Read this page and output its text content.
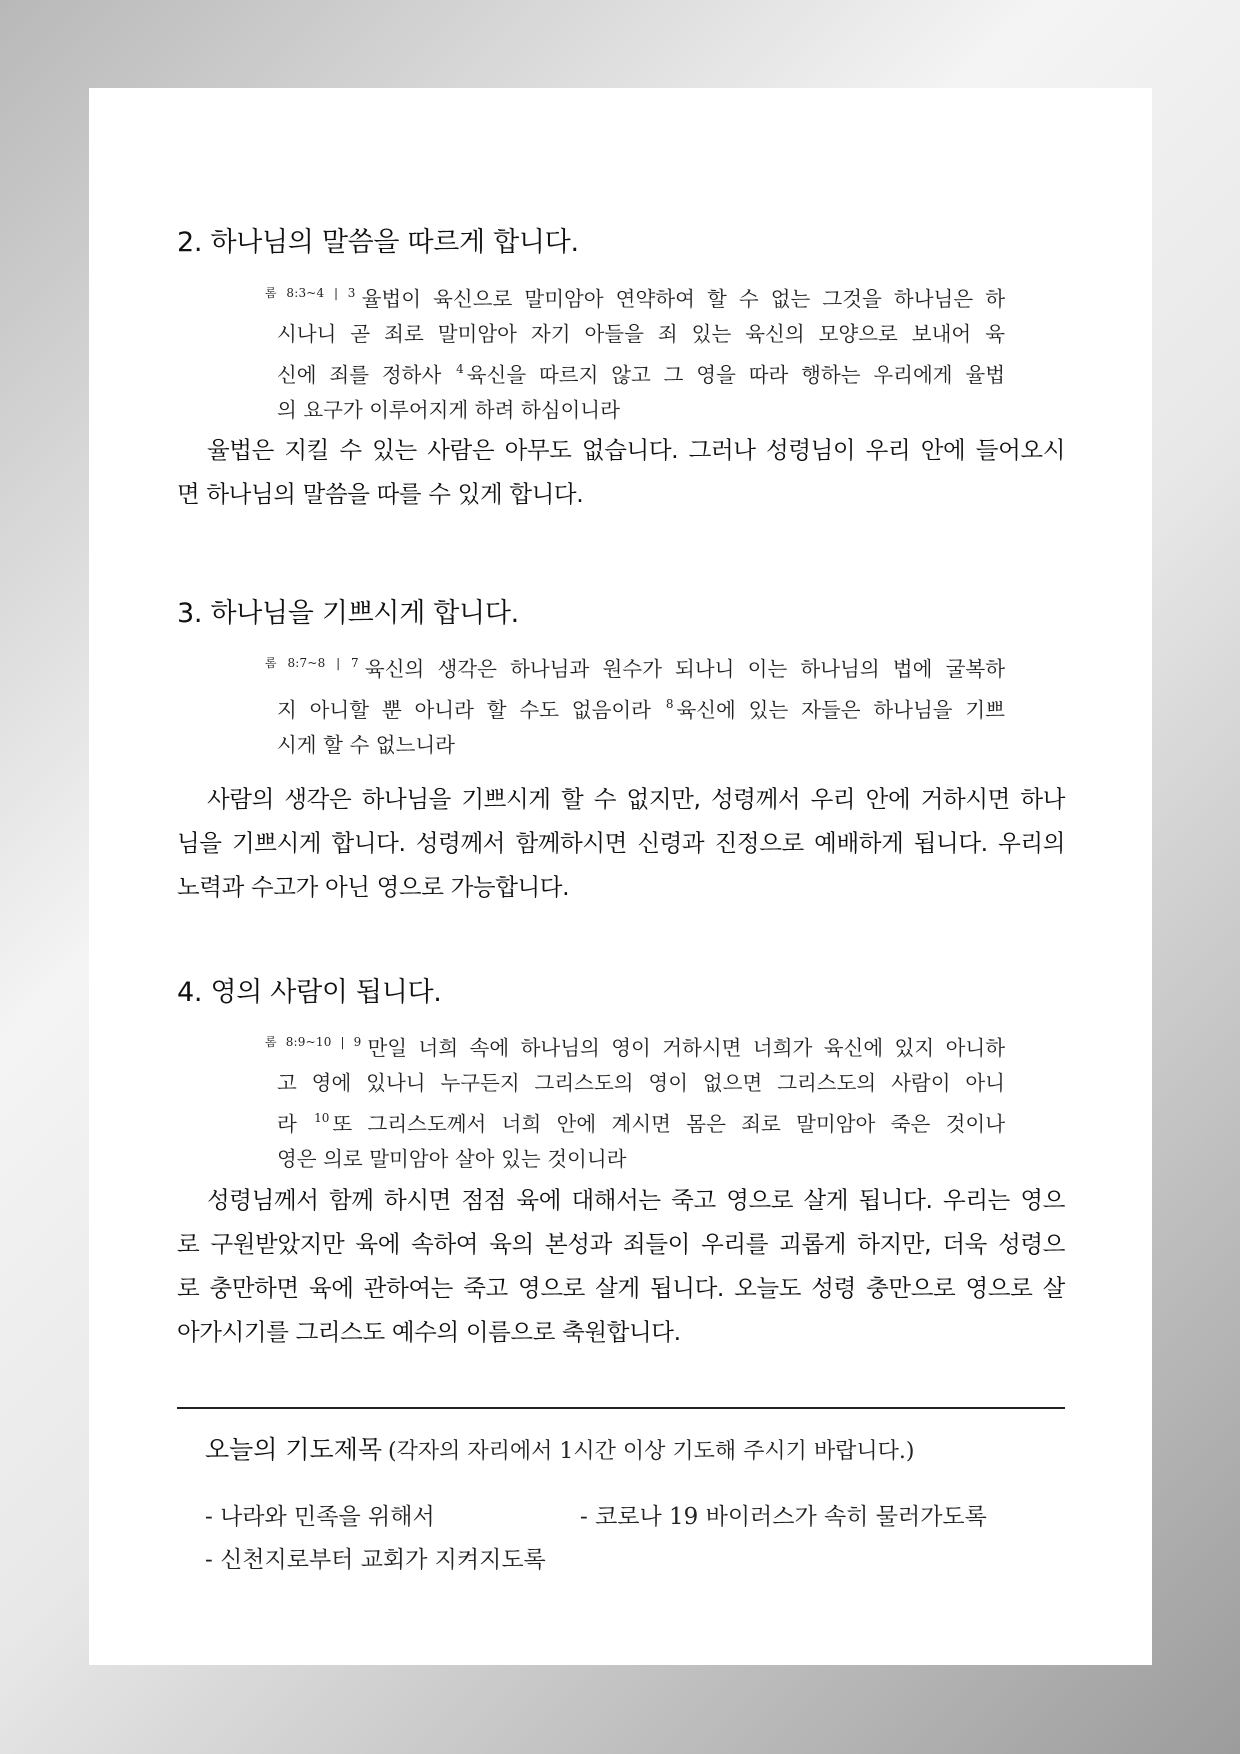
2. 하나님의 말씀을 따르게 합니다.
$^{롬 8:3\sim 4 | 3}$ 율법이 육신으로 말미암아 연약하여 할 수 없는 그것을 하나님은 하
시나니 곧 죄로 말미암아 자기 아들을 죄 있는 육신의 모양으로 보내어 육
신에 죄를 정하사 $^4$ 육신을 따르지 않고 그 영을 따라 행하는 우리에게 율법
의 요구가 이루어지게 하려 하심이니라
율법은 지킬 수 있는 사람은 아무도 없습니다. 그러나 성령님이 우리 안에 들어오시
면 하나님의 말씀을 따를 수 있게 합니다.
3. 하나님을 기쁘시게 합니다.
$^{롬 8:7\sim 8 | 7}$ 육신의 생각은 하나님과 원수가 되나니 이는 하나님의 법에 굴복하
지 아니할 뿐 아니라 할 수도 없음이라 $^8$ 육신에 있는 자들은 하나님을 기쁘
시게 할 수 없느니라
사람의 생각은 하나님을 기쁘시게 할 수 없지만, 성령께서 우리 안에 거하시면 하나
님을 기쁘시게 합니다. 성령께서 함께하시면 신령과 진정으로 예배하게 됩니다. 우리의
노력과 수고가 아닌 영으로 가능합니다.
4. 영의 사람이 됩니다.
$^{롬 8:9\sim 10 | 9}$ 만일 너희 속에 하나님의 영이 거하시면 너희가 육신에 있지 아니하
고 영에 있나니 누구든지 그리스도의 영이 없으면 그리스도의 사람이 아니
라 $^{10}$ 또 그리스도께서 너희 안에 계시면 몸은 죄로 말미암아 죽은 것이나
영은 의로 말미암아 살아 있는 것이니라
성령님께서 함께 하시면 점점 육에 대해서는 죽고 영으로 살게 됩니다. 우리는 영으
로 구원받았지만 육에 속하여 육의 본성과 죄들이 우리를 괴롭게 하지만, 더욱 성령으
로 충만하면 육에 관하여는 죽고 영으로 살게 됩니다. 오늘도 성령 충만으로 영으로 살
아가시기를 그리스도 예수의 이름으로 축원합니다.
오늘의 기도제목 (각자의 자리에서 1시간 이상 기도해 주시기 바랍니다.)
- 나라와 민족을 위해서	- 코로나 19 바이러스가 속히 물러가도록
- 신천지로부터 교회가 지켜지도록
